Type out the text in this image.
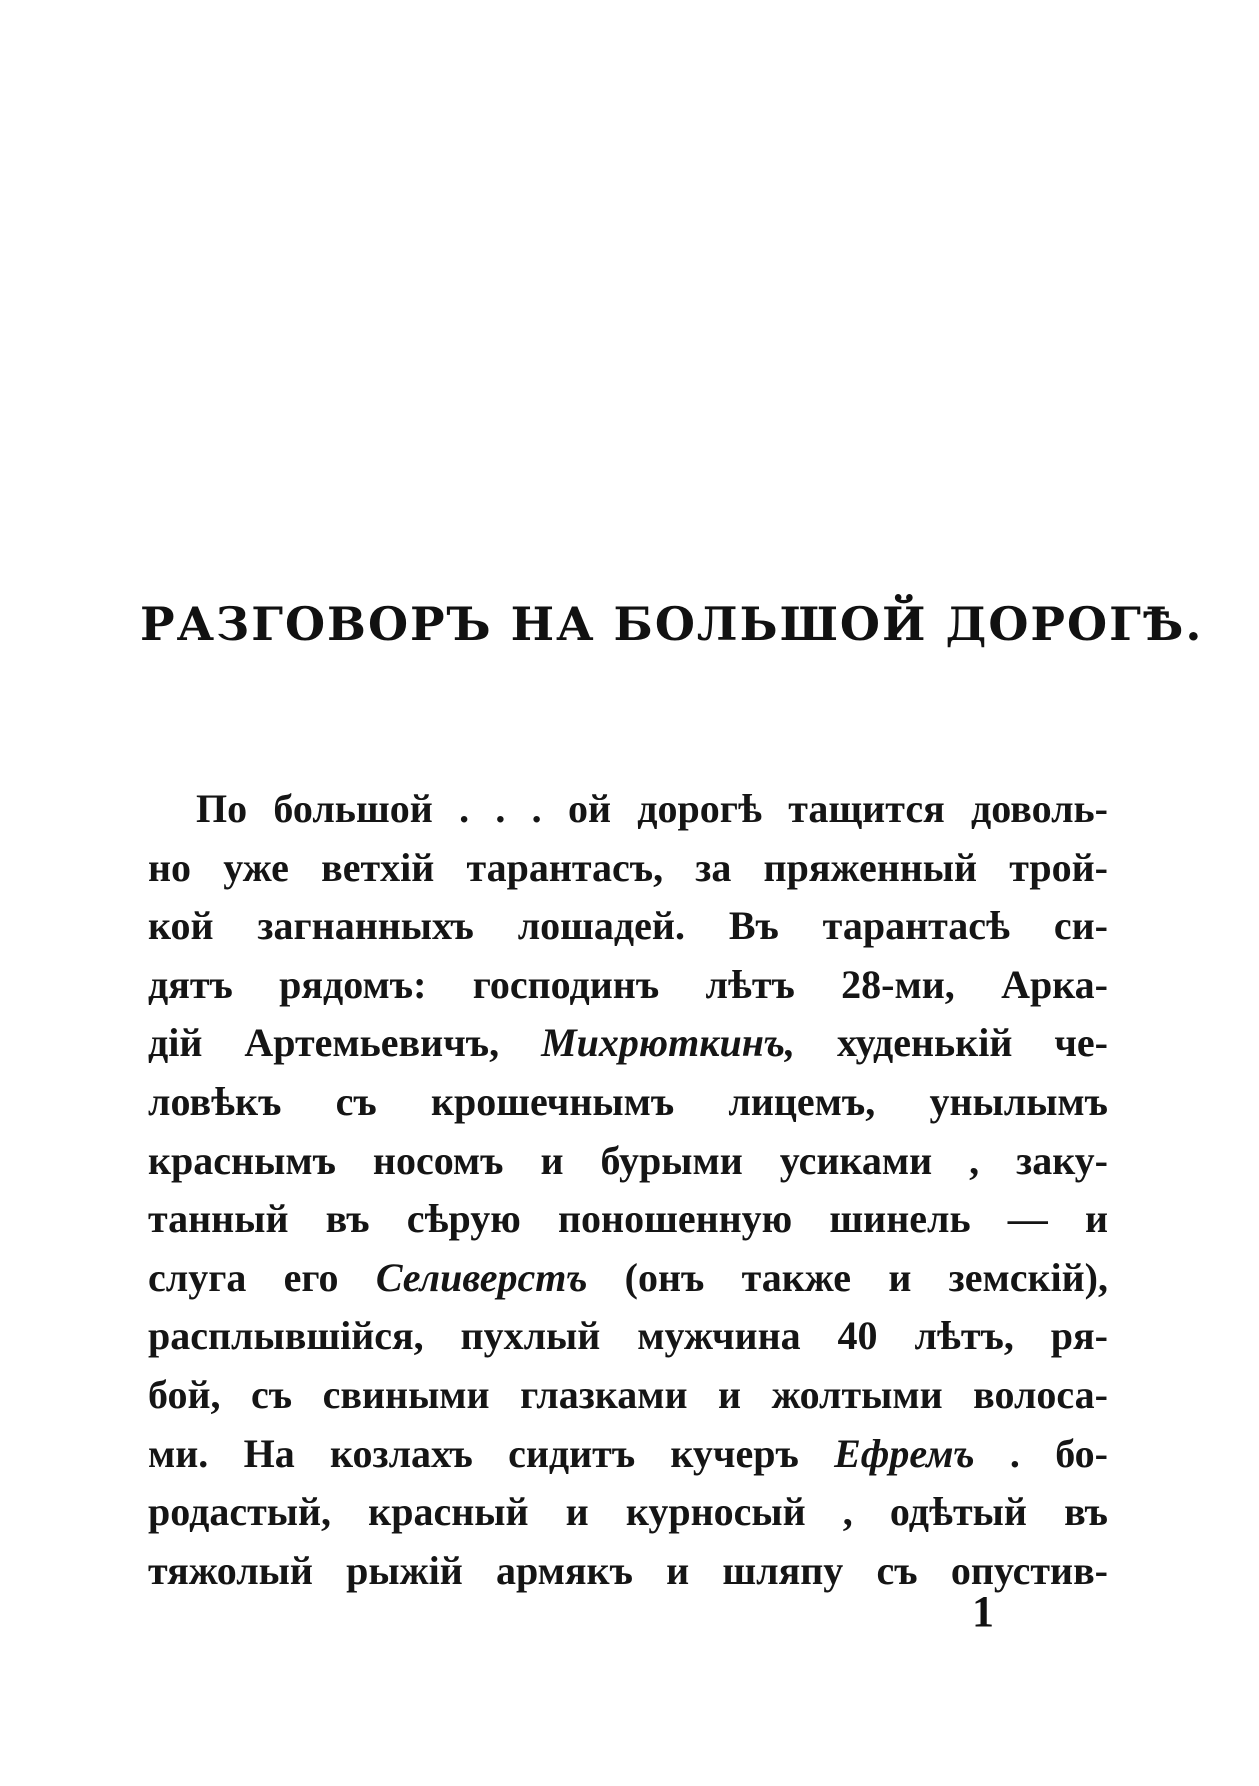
РАЗГОВОРЪ НА БОЛЬШОЙ ДОРОГѢ.
По большой . . . ой дорогѣ тащится доволь-
но уже ветхій тарантасъ, за пряженный трой-
кой загнанныхъ лошадей. Въ тарантасѣ си-
дятъ рядомъ: господинъ лѣтъ 28-ми, Арка-
дій Артемьевичъ, Михрюткинъ, худенькій че-
ловѣкъ съ крошечнымъ лицемъ, унылымъ
краснымъ носомъ и бурыми усиками , заку-
танный въ сѣрую поношенную шинель — и
слуга его Селиверстъ (онъ также и земскій),
расплывшійся, пухлый мужчина 40 лѣтъ, ря-
бой, съ свиными глазками и жолтыми волоса-
ми. На козлахъ сидитъ кучеръ Ефремъ . бо-
родастый, красный и курносый , одѣтый въ
тяжолый рыжій армякъ и шляпу съ опустив-
1
